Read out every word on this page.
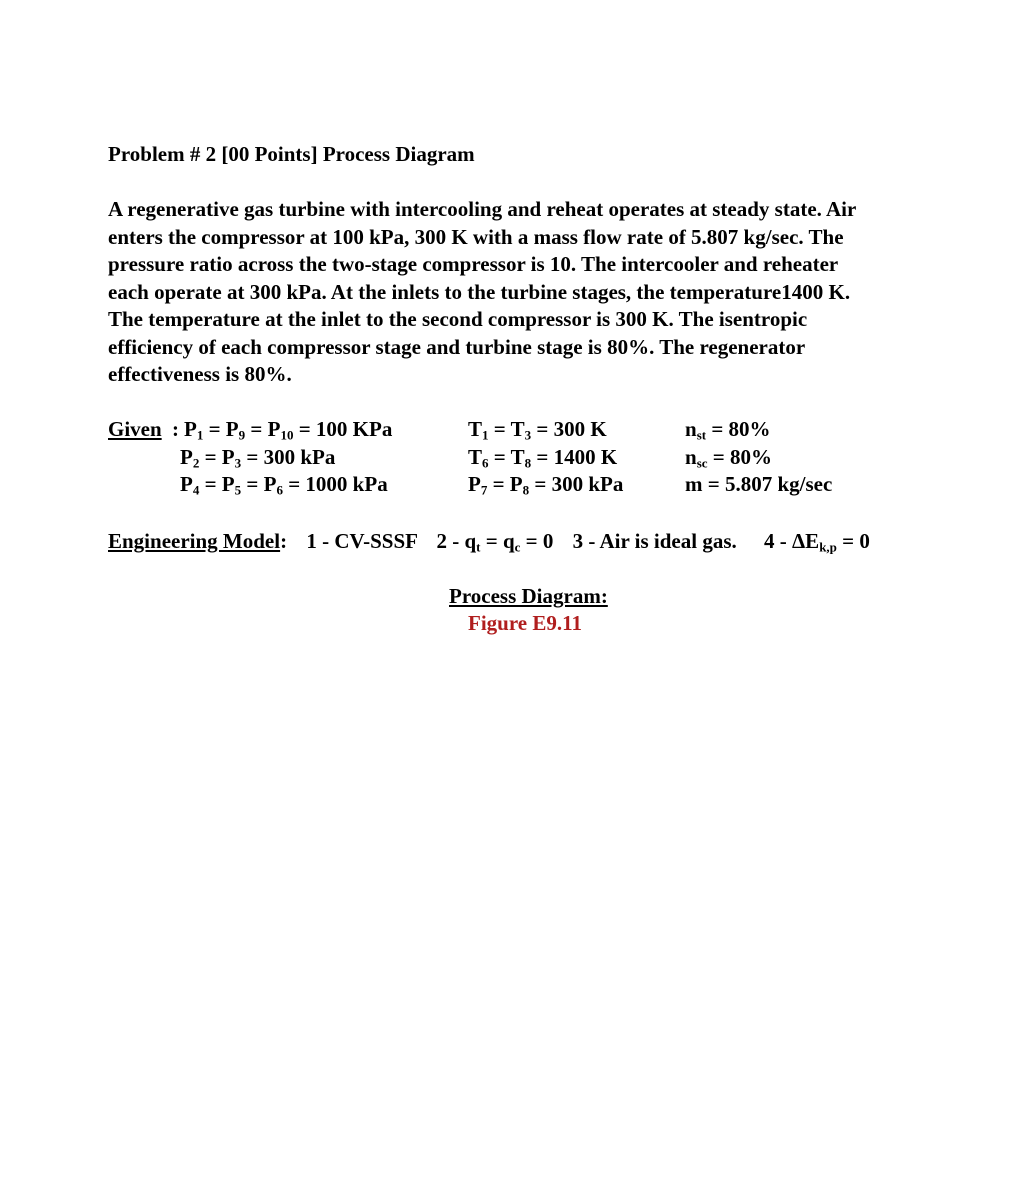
Problem # 2 [00 Points] Process Diagram
A regenerative gas turbine with intercooling and reheat operates at steady state. Air
enters the compressor at 100 kPa, 300 K with a mass flow rate of 5.807 kg/sec. The
pressure ratio across the two-stage compressor is 10. The intercooler and reheater
each operate at 300 kPa. At the inlets to the turbine stages, the temperature1400 K.
The temperature at the inlet to the second compressor is 300 K. The isentropic
efficiency of each compressor stage and turbine stage is 80%. The regenerator
effectiveness is 80%.
Given : $P_1 = P_9 = P_{10} = 100$ KPa	$T_1 = T_3 = 300$ K	$n_{st} = 80\%$
$P_2 = P_3 = 300$ kPa	$T_6 = T_8 = 1400$ K	$n_{sc} = 80\%$
$P_4 = P_5 = P_6 = 1000$ kPa	$P_7 = P_8 = 300$ kPa	m = 5.807 kg/sec
Engineering Model: 1 - CV-SSSF $2 - q_t = q_c = 0$ 3 - Air is ideal gas. $4 - \Delta E_{k,p} = 0$
Process Diagram:
Figure E9.11
